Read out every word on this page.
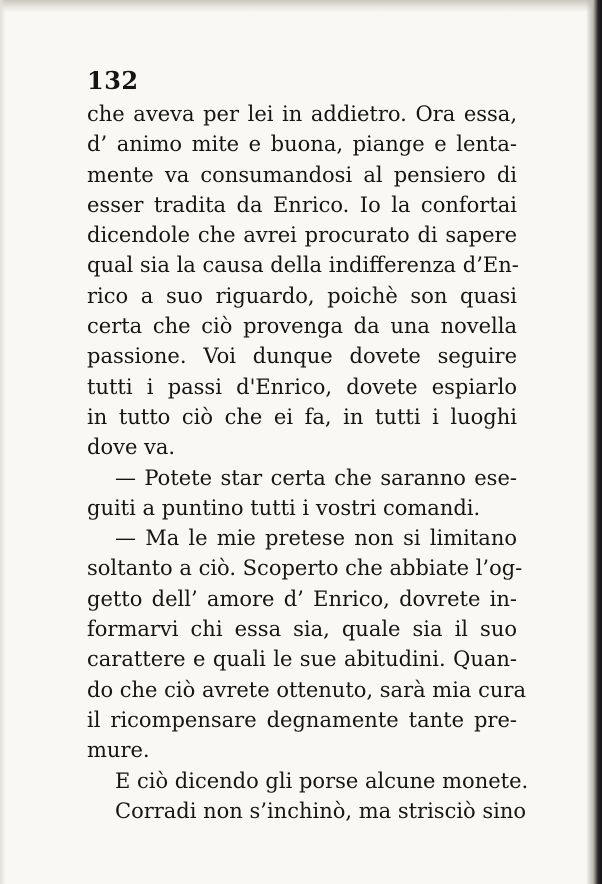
132
che aveva per lei in addietro. Ora essa,
d’ animo mite e buona, piange e lenta-
mente va consumandosi al pensiero di
esser tradita da Enrico. Io la confortai
dicendole che avrei procurato di sapere
qual sia la causa della indifferenza d’En-
rico a suo riguardo, poichè son quasi
certa che ciò provenga da una novella
passione. Voi dunque dovete seguire
tutti i passi d'Enrico, dovete espiarlo
in tutto ciò che ei fa, in tutti i luoghi
dove va.
— Potete star certa che saranno ese-
guiti a puntino tutti i vostri comandi.
— Ma le mie pretese non si limitano
soltanto a ciò. Scoperto che abbiate l’og-
getto dell’ amore d’ Enrico, dovrete in-
formarvi chi essa sia, quale sia il suo
carattere e quali le sue abitudini. Quan-
do che ciò avrete ottenuto, sarà mia cura
il ricompensare degnamente tante pre-
mure.
E ciò dicendo gli porse alcune monete.
Corradi non s’inchinò, ma strisciò sino
